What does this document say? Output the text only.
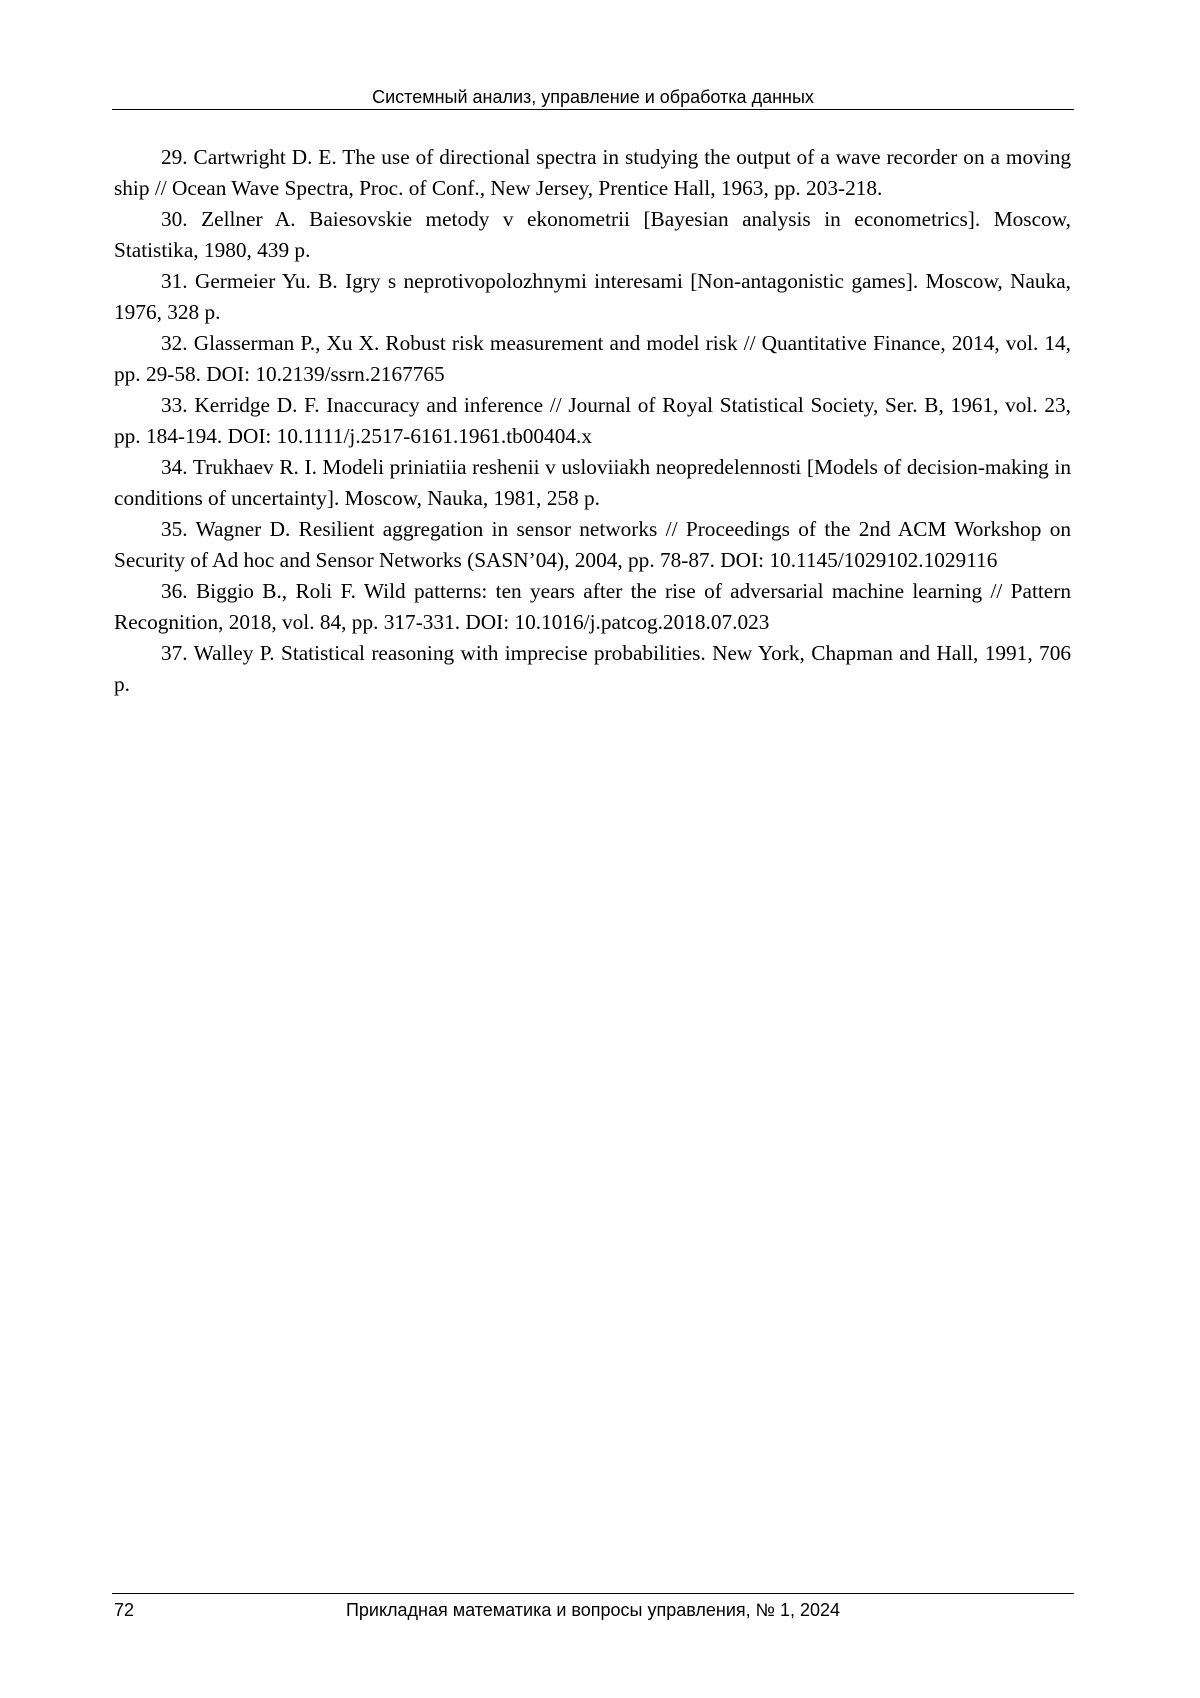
Системный анализ, управление и обработка данных
29. Cartwright D. E. The use of directional spectra in studying the output of a wave recorder on a moving ship // Ocean Wave Spectra, Proc. of Conf., New Jersey, Prentice Hall, 1963, pp. 203-218.
30. Zellner A. Baiesovskie metody v ekonometrii [Bayesian analysis in econometrics]. Mos­cow, Statistika, 1980, 439 p.
31. Germeier Yu. B. Igry s neprotivopolozhnymi interesami [Non-antagonistic games]. Mos­cow, Nauka, 1976, 328 p.
32. Glasserman P., Xu X. Robust risk measurement and model risk // Quantitative Finance, 2014, vol. 14, pp. 29-58. DOI: 10.2139/ssrn.2167765
33. Kerridge D. F. Inaccuracy and inference // Journal of Royal Statistical Society, Ser. B, 1961, vol. 23, pp. 184-194. DOI: 10.1111/j.2517-6161.1961.tb00404.x
34. Trukhaev R. I. Modeli priniatiia reshenii v usloviiakh neopredelennosti [Models of deci­sion-making in conditions of uncertainty]. Moscow, Nauka, 1981, 258 p.
35. Wagner D. Resilient aggregation in sensor networks // Proceedings of the 2nd ACM Workshop on Security of Ad hoc and Sensor Networks (SASN’04), 2004, pp. 78-87. DOI: 10.1145/1029102.1029116
36. Biggio B., Roli F. Wild patterns: ten years after the rise of adversarial machine learning // Pattern Recognition, 2018, vol. 84, pp. 317-331. DOI: 10.1016/j.patcog.2018.07.023
37. Walley P. Statistical reasoning with imprecise probabilities. New York, Chapman and Hall, 1991, 706 p.
72	Прикладная математика и вопросы управления, № 1, 2024
